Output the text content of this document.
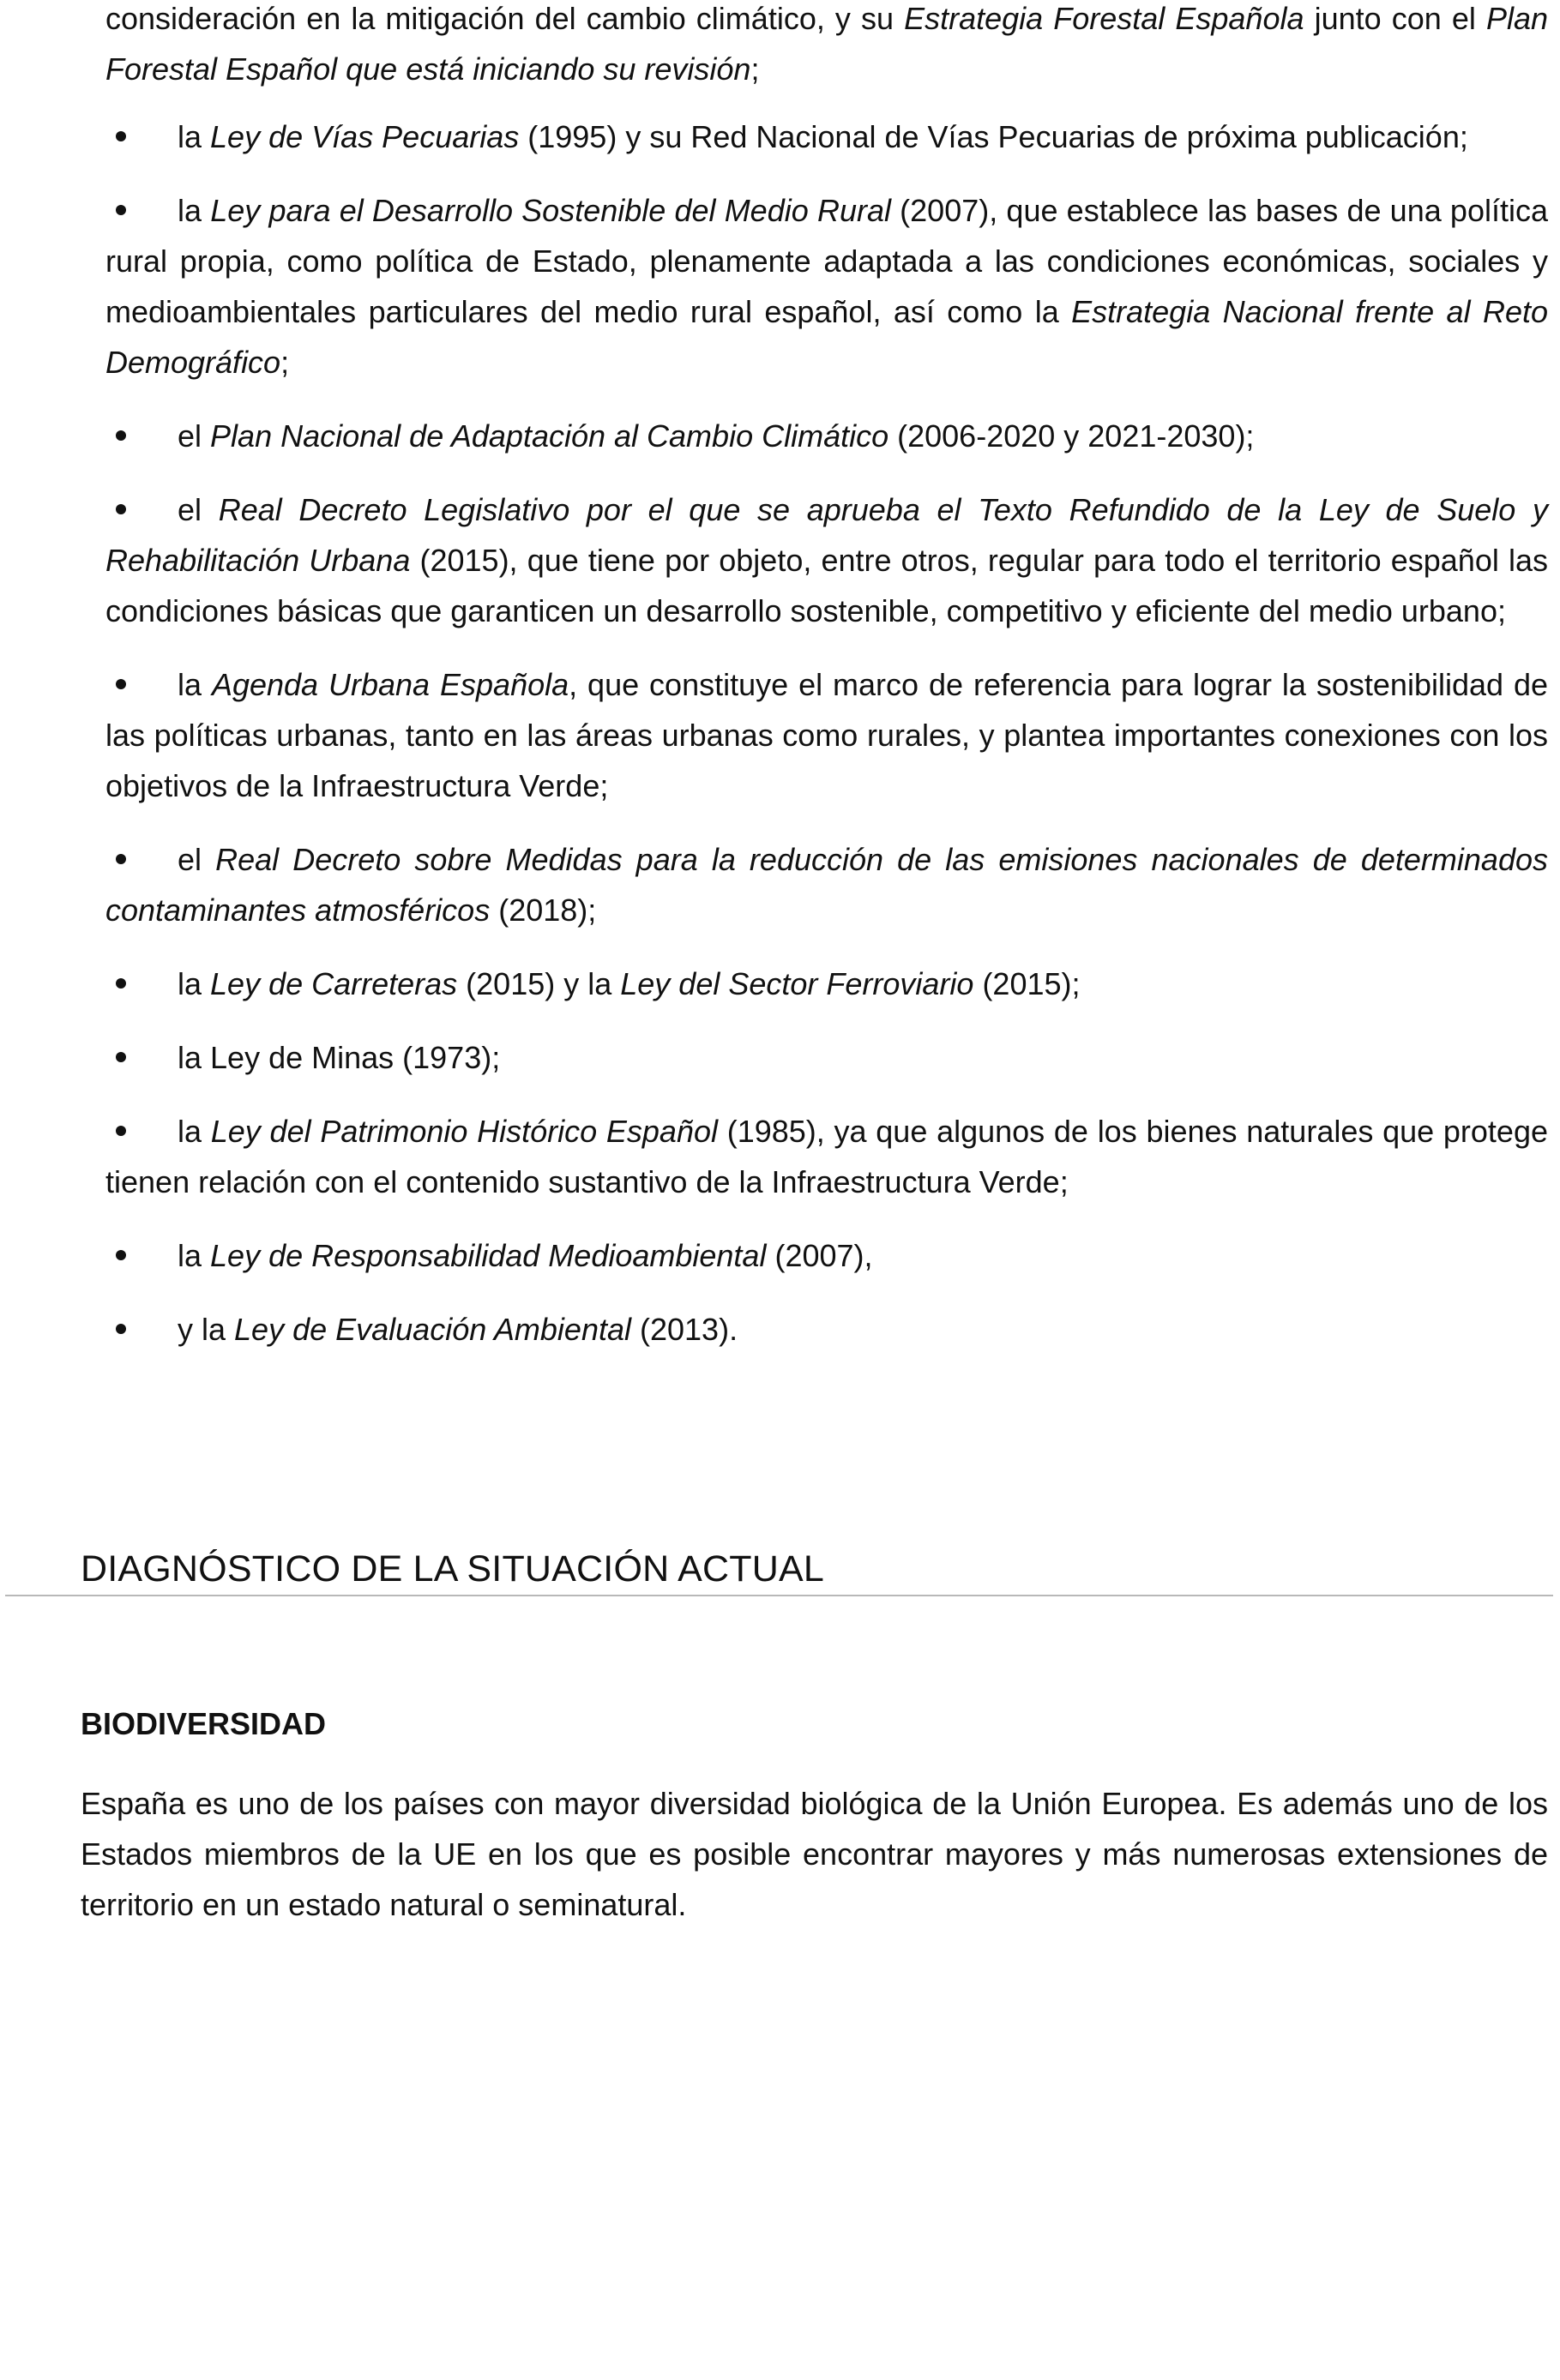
consideración en la mitigación del cambio climático, y su Estrategia Forestal Española junto con el Plan Forestal Español que está iniciando su revisión;

la Ley de Vías Pecuarias (1995) y su Red Nacional de Vías Pecuarias de próxima publicación;
la Ley para el Desarrollo Sostenible del Medio Rural (2007), que establece las bases de una política rural propia, como política de Estado, plenamente adaptada a las condiciones económicas, sociales y medioambientales particulares del medio rural español, así como la Estrategia Nacional frente al Reto Demográfico;
el Plan Nacional de Adaptación al Cambio Climático (2006-2020 y 2021-2030);
el Real Decreto Legislativo por el que se aprueba el Texto Refundido de la Ley de Suelo y Rehabilitación Urbana (2015), que tiene por objeto, entre otros, regular para todo el territorio español las condiciones básicas que garanticen un desarrollo sostenible, competitivo y eficiente del medio urbano;
la Agenda Urbana Española, que constituye el marco de referencia para lograr la sostenibilidad de las políticas urbanas, tanto en las áreas urbanas como rurales, y plantea importantes conexiones con los objetivos de la Infraestructura Verde;
el Real Decreto sobre Medidas para la reducción de las emisiones nacionales de determinados contaminantes atmosféricos (2018);
la Ley de Carreteras (2015) y la Ley del Sector Ferroviario (2015);
la Ley de Minas (1973);
la Ley del Patrimonio Histórico Español (1985), ya que algunos de los bienes naturales que protege tienen relación con el contenido sustantivo de la Infraestructura Verde;
la Ley de Responsabilidad Medioambiental (2007),
y la Ley de Evaluación Ambiental (2013).
DIAGNÓSTICO DE LA SITUACIÓN ACTUAL
BIODIVERSIDAD

España es uno de los países con mayor diversidad biológica de la Unión Europea. Es además uno de los Estados miembros de la UE en los que es posible encontrar mayores y más numerosas extensiones de territorio en un estado natural o seminatural.
